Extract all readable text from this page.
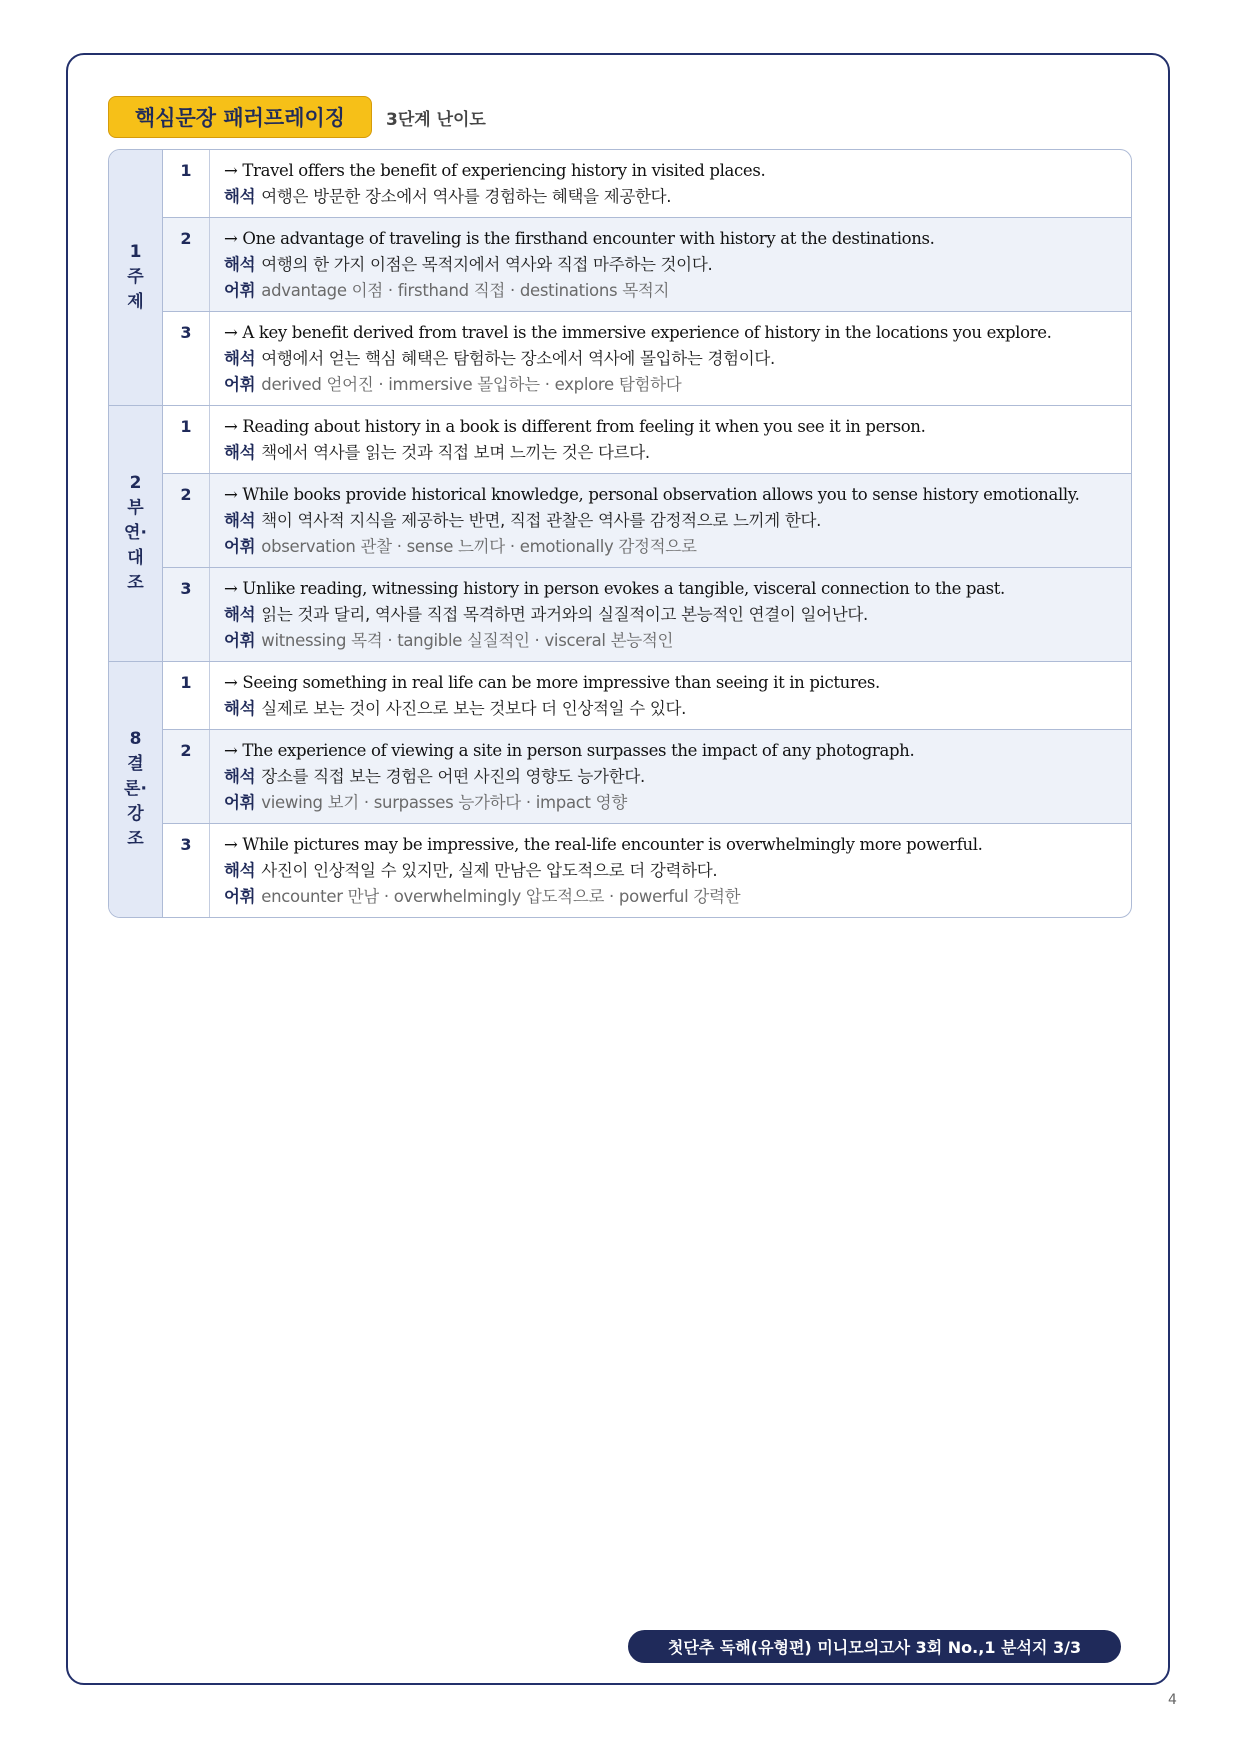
핵심문장 패러프레이징	3단계 난이도
1
주
제
1	→ Travel offers the benefit of experiencing history in visited places.
해석 여행은 방문한 장소에서 역사를 경험하는 혜택을 제공한다.
2	→ One advantage of traveling is the firsthand encounter with history at the destinations.
해석 여행의 한 가지 이점은 목적지에서 역사와 직접 마주하는 것이다.
어휘 advantage 이점 · firsthand 직접 · destinations 목적지
3	→ A key benefit derived from travel is the immersive experience of history in the locations you explore.
해석 여행에서 얻는 핵심 혜택은 탐험하는 장소에서 역사에 몰입하는 경험이다.
어휘 derived 얻어진 · immersive 몰입하는 · explore 탐험하다
2
부
연·
대
조
1	→ Reading about history in a book is different from feeling it when you see it in person.
해석 책에서 역사를 읽는 것과 직접 보며 느끼는 것은 다르다.
2	→ While books provide historical knowledge, personal observation allows you to sense history emotionally.
해석 책이 역사적 지식을 제공하는 반면, 직접 관찰은 역사를 감정적으로 느끼게 한다.
어휘 observation 관찰 · sense 느끼다 · emotionally 감정적으로
3	→ Unlike reading, witnessing history in person evokes a tangible, visceral connection to the past.
해석 읽는 것과 달리, 역사를 직접 목격하면 과거와의 실질적이고 본능적인 연결이 일어난다.
어휘 witnessing 목격 · tangible 실질적인 · visceral 본능적인
8
결
론·
강
조
1	→ Seeing something in real life can be more impressive than seeing it in pictures.
해석 실제로 보는 것이 사진으로 보는 것보다 더 인상적일 수 있다.
2	→ The experience of viewing a site in person surpasses the impact of any photograph.
해석 장소를 직접 보는 경험은 어떤 사진의 영향도 능가한다.
어휘 viewing 보기 · surpasses 능가하다 · impact 영향
3	→ While pictures may be impressive, the real-life encounter is overwhelmingly more powerful.
해석 사진이 인상적일 수 있지만, 실제 만남은 압도적으로 더 강력하다.
어휘 encounter 만남 · overwhelmingly 압도적으로 · powerful 강력한
첫단추 독해(유형편) 미니모의고사 3회 No.,1 분석지 3/3
4
